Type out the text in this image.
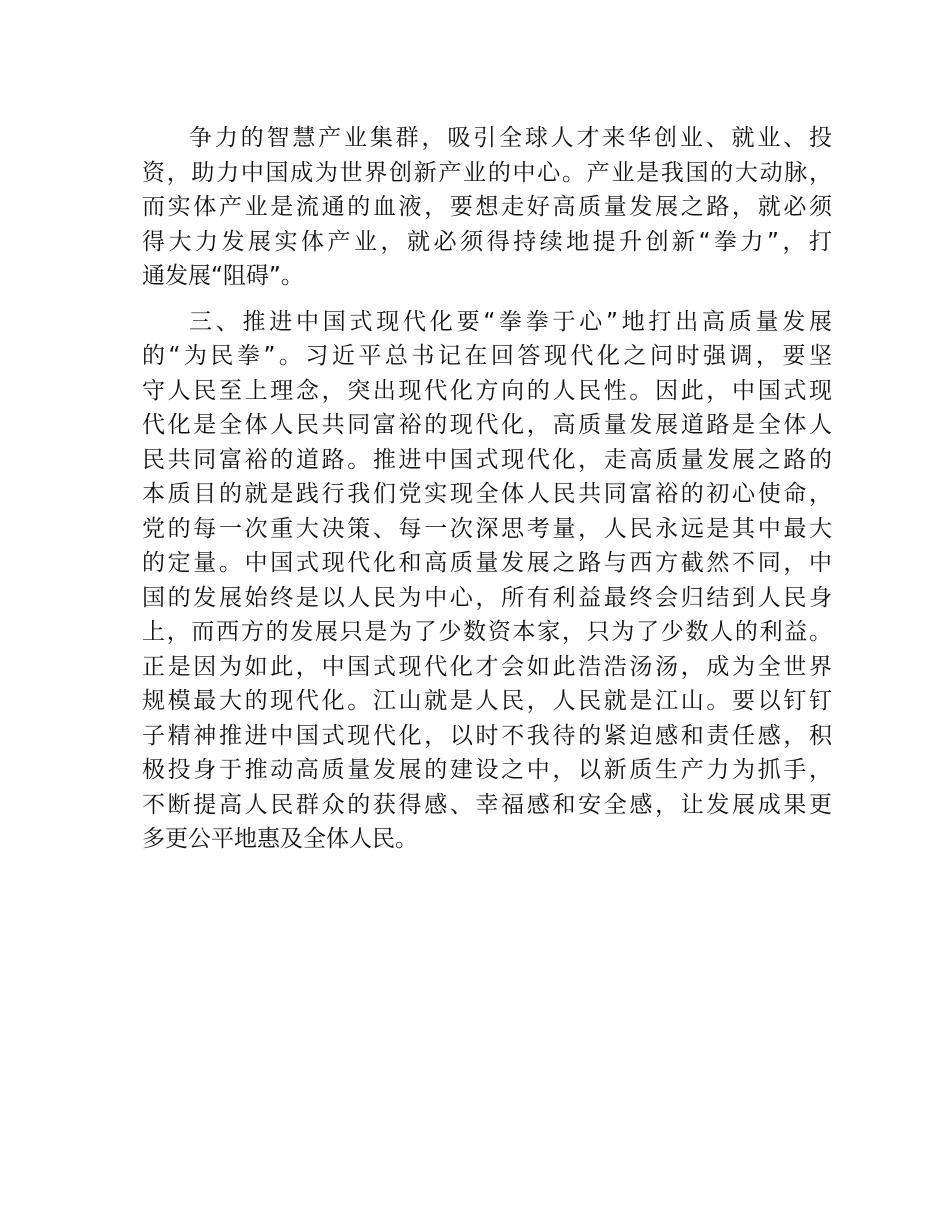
争力的智慧产业集群，吸引全球人才来华创业、就业、投
资，助力中国成为世界创新产业的中心。产业是我国的大动脉，
而实体产业是流通的血液，要想走好高质量发展之路，就必须
得大力发展实体产业，就必须得持续地提升创新“拳力”，打
通发展“阻碍”。
三、推进中国式现代化要“拳拳于心”地打出高质量发展
的“为民拳”。习近平总书记在回答现代化之问时强调，要坚
守人民至上理念，突出现代化方向的人民性。因此，中国式现
代化是全体人民共同富裕的现代化，高质量发展道路是全体人
民共同富裕的道路。推进中国式现代化，走高质量发展之路的
本质目的就是践行我们党实现全体人民共同富裕的初心使命，
党的每一次重大决策、每一次深思考量，人民永远是其中最大
的定量。中国式现代化和高质量发展之路与西方截然不同，中
国的发展始终是以人民为中心，所有利益最终会归结到人民身
上，而西方的发展只是为了少数资本家，只为了少数人的利益。
正是因为如此，中国式现代化才会如此浩浩汤汤，成为全世界
规模最大的现代化。江山就是人民，人民就是江山。要以钉钉
子精神推进中国式现代化，以时不我待的紧迫感和责任感，积
极投身于推动高质量发展的建设之中，以新质生产力为抓手，
不断提高人民群众的获得感、幸福感和安全感，让发展成果更
多更公平地惠及全体人民。
